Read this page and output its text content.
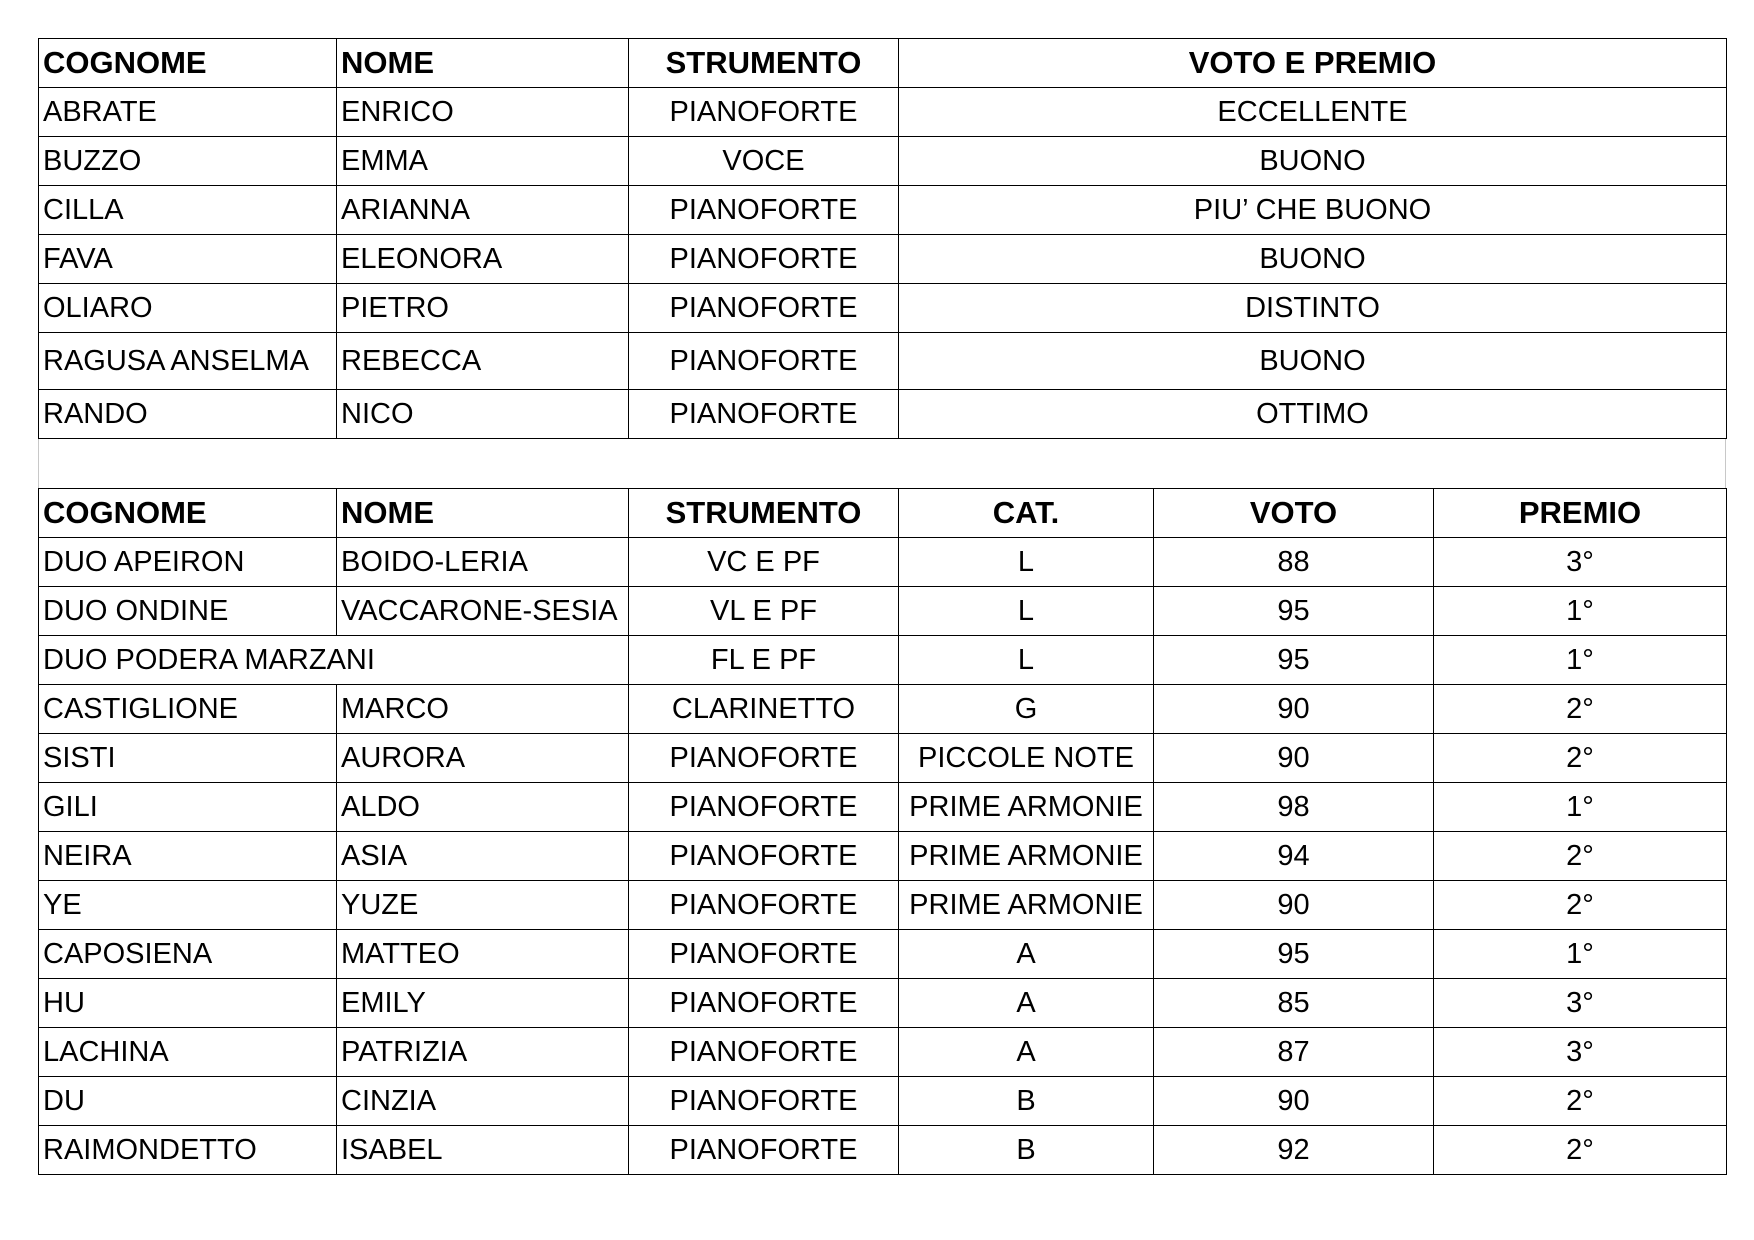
COGNOME	NOME	STRUMENTO	VOTO E PREMIO
ABRATE	ENRICO	PIANOFORTE	ECCELLENTE
BUZZO	EMMA	VOCE	BUONO
CILLA	ARIANNA	PIANOFORTE	PIU’ CHE BUONO
FAVA	ELEONORA	PIANOFORTE	BUONO
OLIARO	PIETRO	PIANOFORTE	DISTINTO
RAGUSA ANSELMA	REBECCA	PIANOFORTE	BUONO
RANDO	NICO	PIANOFORTE	OTTIMO
COGNOME	NOME	STRUMENTO	CAT.	VOTO	PREMIO
DUO APEIRON	BOIDO-LERIA	VC E PF	L	88	3°
DUO ONDINE	VACCARONE-SESIA	VL E PF	L	95	1°
DUO PODERA MARZANI		FL E PF	L	95	1°
CASTIGLIONE	MARCO	CLARINETTO	G	90	2°
SISTI	AURORA	PIANOFORTE	PICCOLE NOTE	90	2°
GILI	ALDO	PIANOFORTE	PRIME ARMONIE	98	1°
NEIRA	ASIA	PIANOFORTE	PRIME ARMONIE	94	2°
YE	YUZE	PIANOFORTE	PRIME ARMONIE	90	2°
CAPOSIENA	MATTEO	PIANOFORTE	A	95	1°
HU	EMILY	PIANOFORTE	A	85	3°
LACHINA	PATRIZIA	PIANOFORTE	A	87	3°
DU	CINZIA	PIANOFORTE	B	90	2°
RAIMONDETTO	ISABEL	PIANOFORTE	B	92	2°
